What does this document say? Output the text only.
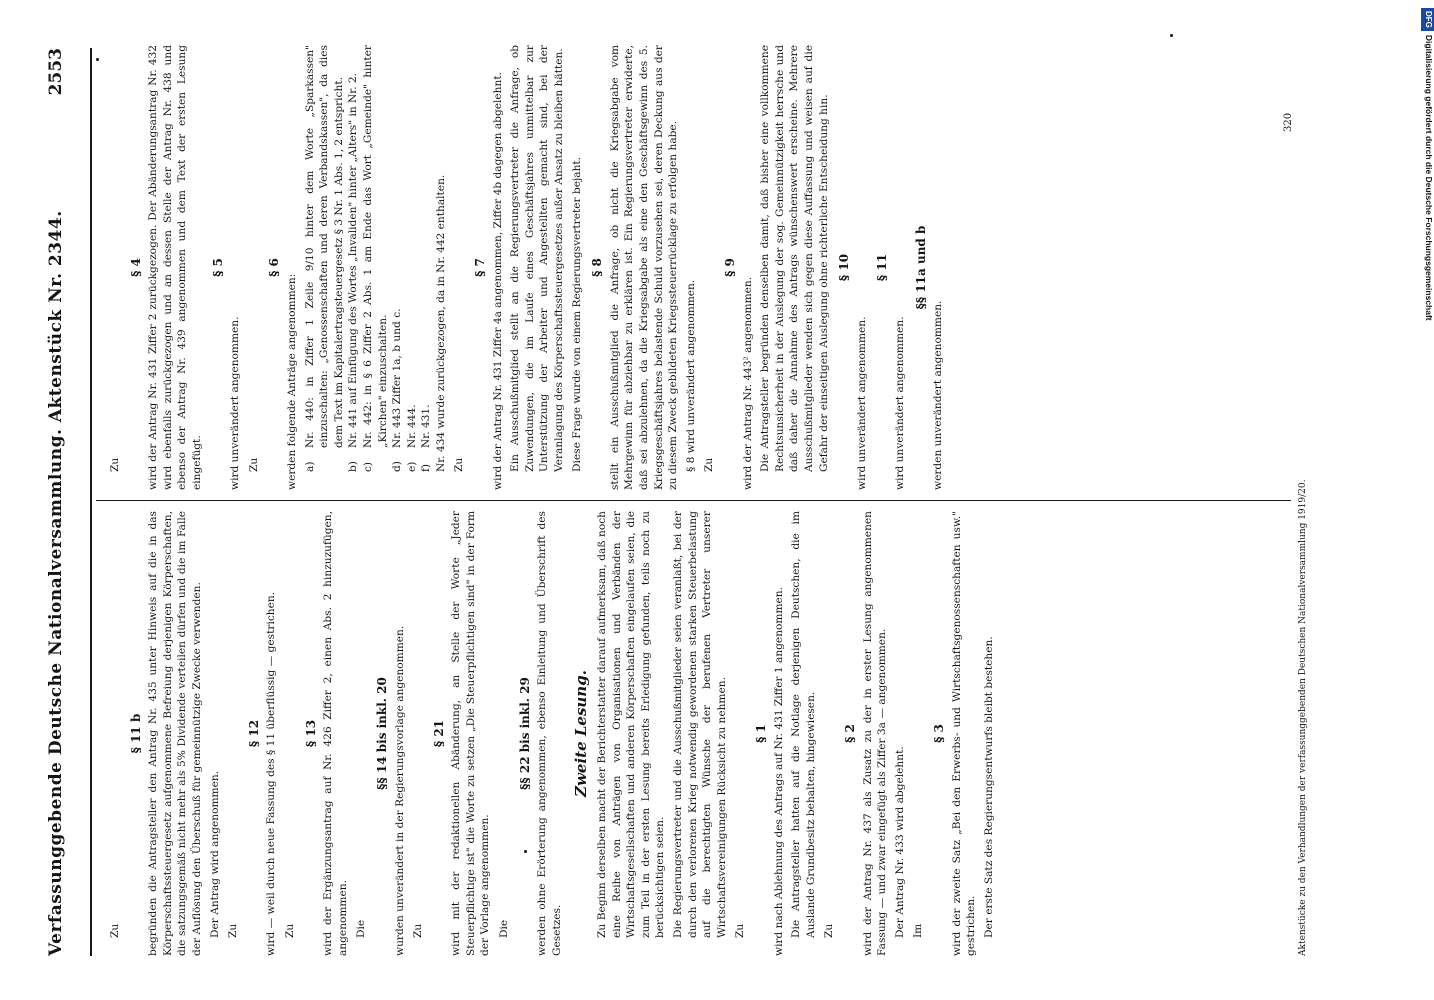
Verfassunggebende Deutsche Nationalversammlung. Aktenstück Nr. 2344.
2553
Zu
§ 11 b begründen die Antragsteller den Antrag Nr. 435 unter Hinweis auf die in das Körperschaftssteuergesetz aufgenommene Befreiung derjenigen Körperschaften, die satzungsgemäß nicht mehr als 5% Dividende verteilen dürfen und die im Falle der Auflösung den Überschuß für gemeinnützige Zwecke verwenden. Der Antrag wird angenommen. Zu
§ 12 wird — weil durch neue Fassung des § 11 überflüssig — gestrichen. Zu
§ 13 wird der Ergänzungsantrag auf Nr. 426 Ziffer 2, einen Abs. 2 hinzuzufügen, angenommen. Die
§§ 14 bis inkl. 20 wurden unverändert in der Regierungsvorlage angenommen. Zu
§ 21 wird mit der redaktionellen Abänderung, an Stelle der Worte „Jeder Steuerpflichtige ist" die Worte zu setzen „Die Steuerpflichtigen sind" in der Form der Vorlage angenommen. Die
§§ 22 bis inkl. 29 werden ohne Erörterung angenommen, ebenso Einleitung und Überschrift des Gesetzes.

Zweite Lesung. Zu Beginn derselben macht der Berichterstatter darauf aufmerksam, daß noch eine Reihe von Anträgen von Organisationen und Verbänden der Wirtschaftsgesellschaften und anderen Körperschaften eingelaufen seien, die zum Teil in der ersten Lesung bereits Erledigung gefunden, teils noch zu berücksichtigen seien. Die Regierungsvertreter und die Ausschußmitglieder seien veranlaßt, bei der durch den verlorenen Krieg notwendig gewordenen starken Steuerbelastung auf die berechtigten Wünsche der berufenen Vertreter unserer Wirtschaftsvereinigungen Rücksicht zu nehmen. Zu
§ 1 wird nach Ablehnung des Antrags auf Nr. 431 Ziffer 1 angenommen. Die Antragsteller hatten auf die Notlage derjenigen Deutschen, die im Auslande Grundbesitz behalten, hingewiesen. Zu
§ 2 wird der Antrag Nr. 437 als Zusatz zu der in erster Lesung angenommenen Fassung — und zwar eingefügt als Ziffer 3a — angenommen. Der Antrag Nr. 433 wird abgelehnt. Im
§ 3 wird der zweite Satz „Bei den Erwerbs- und Wirtschaftsgenossenschaften usw." gestrichen. Der erste Satz des Regierungsentwurfs bleibt bestehen.

Zu
§ 4 wird der Antrag Nr. 431 Ziffer 2 zurückgezogen. Der Abänderungsantrag Nr. 432 wird ebenfalls zurückgezogen und an dessen Stelle der Antrag Nr. 438 und ebenso der Antrag Nr. 439 angenommen und dem Text der ersten Lesung eingefügt.

§ 5

wird unverändert angenommen. Zu
§ 6

werden folgende Anträge angenommen: a)
Nr. 440: in Ziffer 1 Zeile 9/10 hinter dem Worte „Sparkassen" einzuschalten: „Genossenschaften und deren Verbandskassen", da dies dem Text im Kapitalertragsteuergesetz § 3 Nr. 1 Abs. 1, 2 entspricht.
b)
Nr. 441 auf Einfügung des Wortes „Invaliden" hinter „Alters" in Nr. 2.
c)
Nr. 442: in § 6 Ziffer 2 Abs. 1 am Ende das Wort „Gemeinde" hinter „Kirchen" einzuschalten.
d)
Nr. 443 Ziffer 1a, b und c.
e)
Nr. 444.
f)
Nr. 431. Nr. 434 wurde zurückgezogen, da in Nr. 442 enthalten. Zu
§ 7 wird der Antrag Nr. 431 Ziffer 4a angenommen, Ziffer 4b dagegen abgelehnt. Ein Ausschußmitglied stellt an die Regierungsvertreter die Anfrage, ob Zuwendungen, die im Laufe eines Geschäftsjahres unmittelbar zur Unterstützung der Arbeiter und Angestellten gemacht sind, bei der Veranlagung des Körperschaftssteuergesetzes außer Ansatz zu bleiben hätten. Diese Frage wurde von einem Regierungsvertreter bejaht. § 8 stellt ein Ausschußmitglied die Anfrage, ob nicht die Kriegsabgabe vom Mehrgewinn für abziehbar zu erklären ist. Ein Regierungsvertreter erwiderte, daß sei abzulehnen, da die Kriegsabgabe als eine den Geschäftsgewinn des 5. Kriegsgeschäftsjahres belastende Schuld vorzusehen sei, deren Deckung aus der zu diesem Zweck gebildeten Kriegssteuerrücklage zu erfolgen habe. § 8 wird unverändert angenommen. Zu
§ 9

wird der Antrag Nr. 443² angenommen. Die Antragsteller begründen denselben damit, daß bisher eine vollkommene Rechtsunsicherheit in der Auslegung der sog. Gemeinnützigkeit herrsche und daß daher die Annahme des Antrags wünschenswert erscheine. Mehrere Ausschußmitglieder wenden sich gegen diese Auffassung und weisen auf die Gefahr der einseitigen Auslegung ohne richterliche Entscheidung hin. § 10

wird unverändert angenommen.

§ 11

wird unverändert angenommen.

§§ 11a und b

werden unverändert angenommen.

320
Aktenstücke zu den Verhandlungen der verfassunggebenden Deutschen Nationalversammlung 1919/20.
DFGDigitalisierung gefördert durch die Deutsche Forschungsgemeinschaft
